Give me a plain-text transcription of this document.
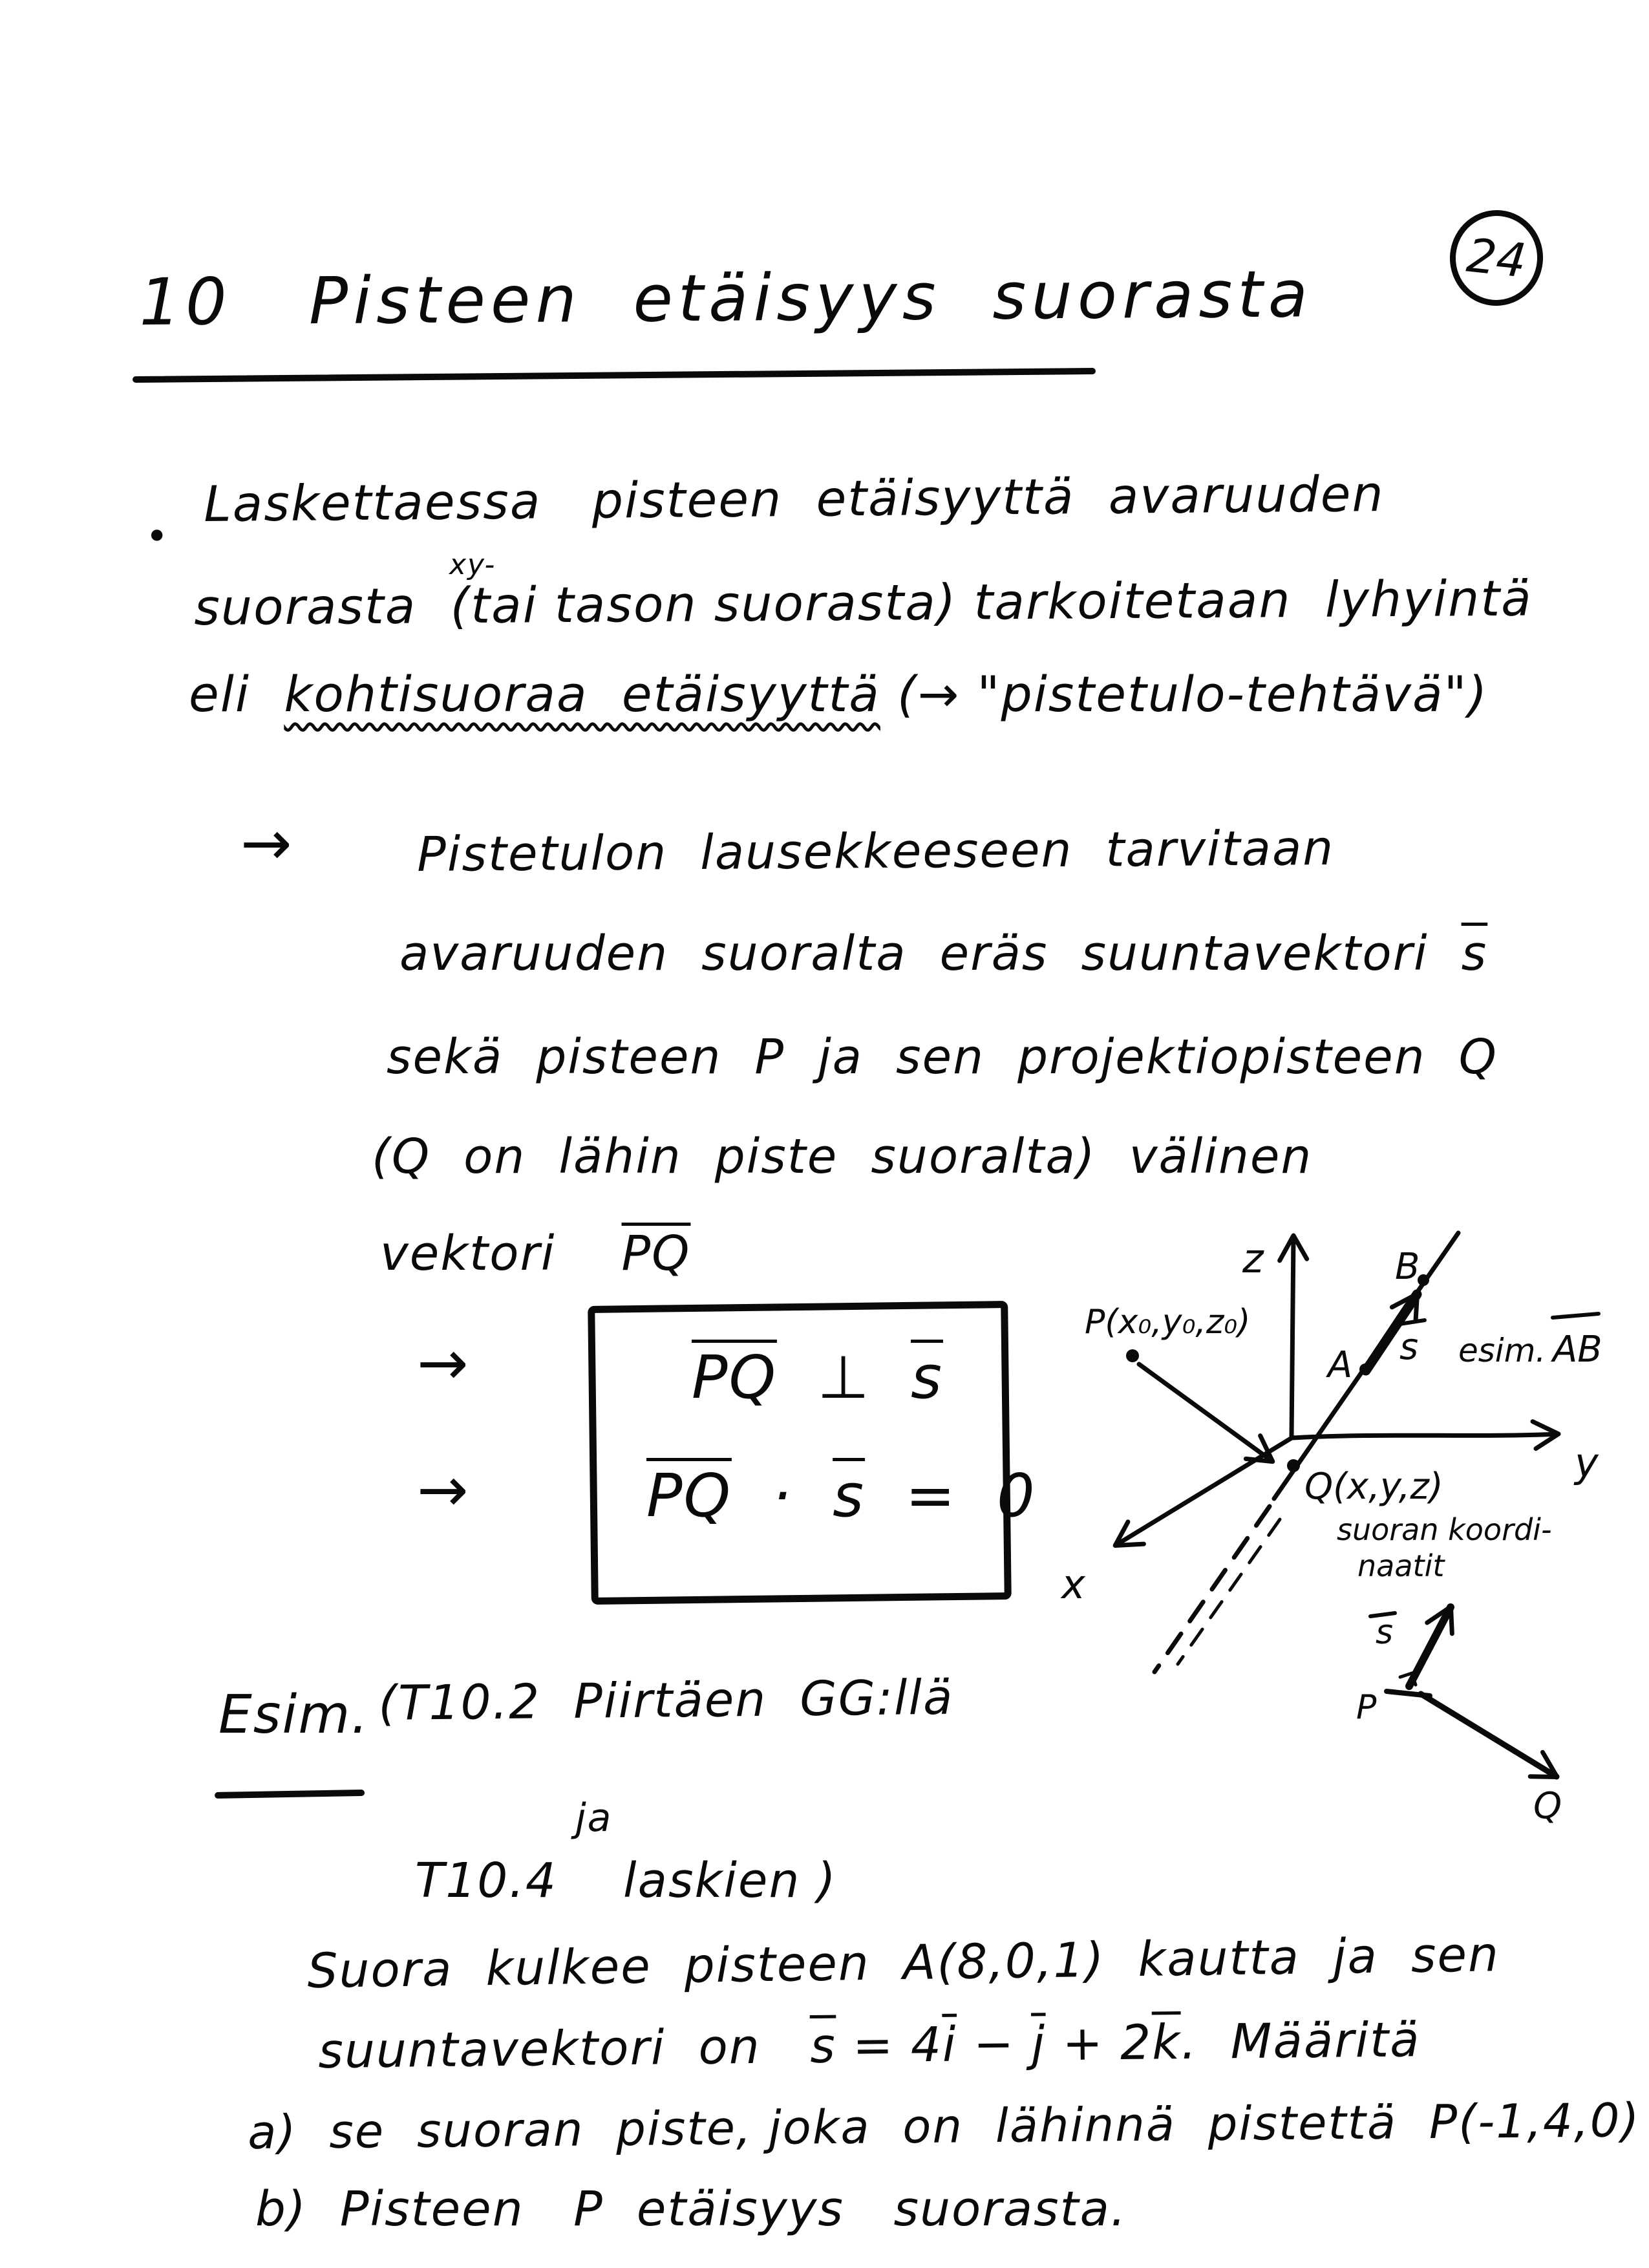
24
10   Pisteen  etäisyys  suorasta
•
Laskettaessa   pisteen  etäisyyttä  avaruuden
suorasta  (tai tason suorasta) tarkoitetaan  lyhyintä
xy-
eli  kohtisuoraa  etäisyyttä (→ "pistetulo-tehtävä")
→	Pistetulon  lausekkeeseen  tarvitaan
avaruuden  suoralta  eräs  suuntavektori  $\overline{s}$
sekä  pisteen  P  ja  sen  projektiopisteen  Q
(Q  on  lähin  piste  suoralta)  välinen
vektori    $\overline{PQ}$
→
→
$\overline{PQ}$  ⊥  $\overline{s}$
$\overline{PQ} \cdot \overline{s} = 0$
z
y
x
B
A s esim. AB
P(x₀,y₀,z₀)
Q(x,y,z)
suoran koordi-
naatit
s
P
Q
Esim. (T10.2  Piirtäen  GG:llä
ja
T10.4    laskien )
Suora  kulkee  pisteen  A(8,0,1)  kautta  ja  sen
suuntavektori  on   $\overline{s} = 4\overline{i} - \overline{j} + 2\overline{k}$.  Määritä
a)  se  suoran  piste, joka  on  lähinnä  pistettä  P(-1,4,0)
b)  Pisteen   P  etäisyys   suorasta.
